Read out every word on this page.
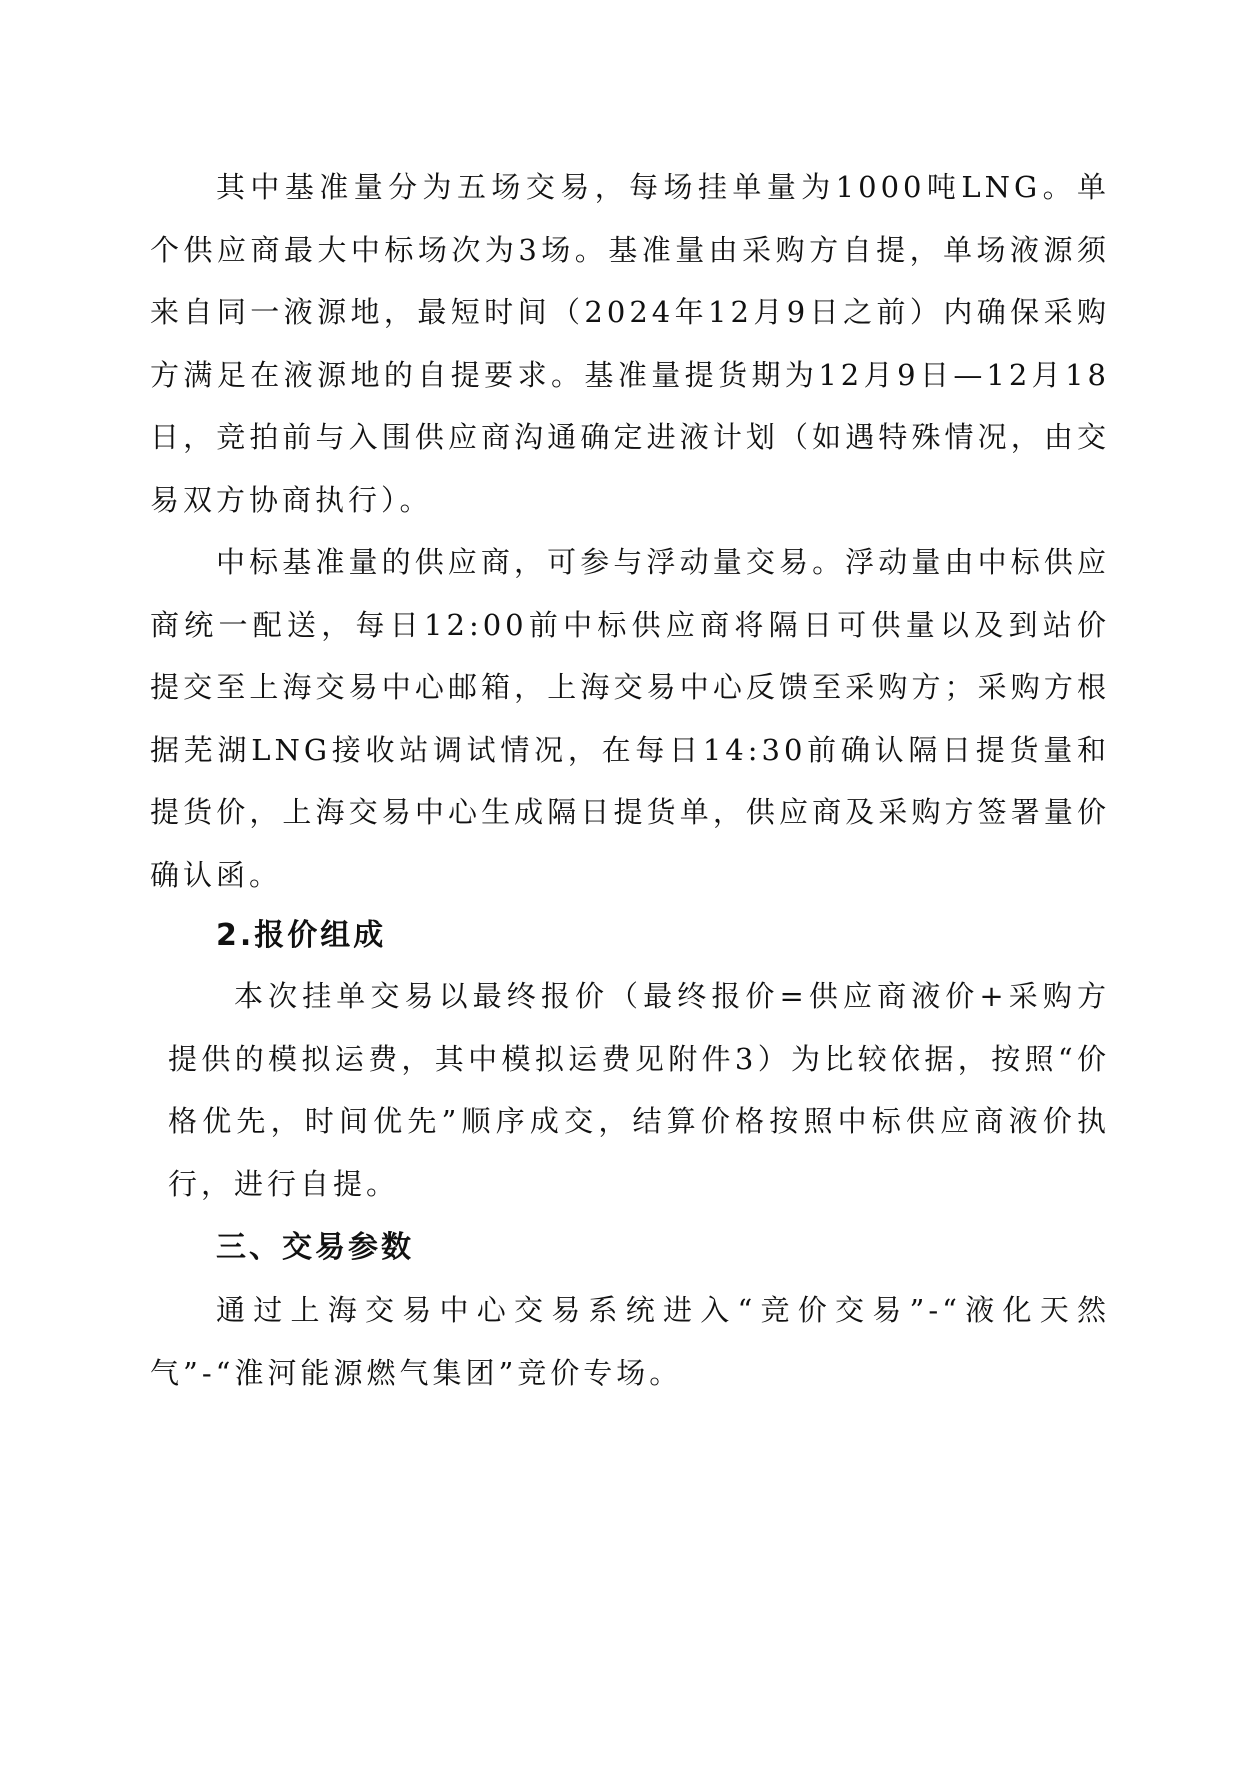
其中基准量分为五场交易，每场挂单量为1000吨LNG。单个供应商最大中标场次为3场。基准量由采购方自提，单场液源须来自同一液源地，最短时间（2024年12月9日之前）内确保采购方满足在液源地的自提要求。基准量提货期为12月9日—12月18日，竞拍前与入围供应商沟通确定进液计划（如遇特殊情况，由交易双方协商执行）。

中标基准量的供应商，可参与浮动量交易。浮动量由中标供应商统一配送，每日12:00前中标供应商将隔日可供量以及到站价提交至上海交易中心邮箱，上海交易中心反馈至采购方；采购方根据芜湖LNG接收站调试情况，在每日14:30前确认隔日提货量和提货价，上海交易中心生成隔日提货单，供应商及采购方签署量价确认函。

2.报价组成

本次挂单交易以最终报价（最终报价=供应商液价+采购方提供的模拟运费，其中模拟运费见附件3）为比较依据，按照“价格优先，时间优先”顺序成交，结算价格按照中标供应商液价执行，进行自提。

三、交易参数

通过上海交易中心交易系统进入“竞价交易”-“液化天然气”-“淮河能源燃气集团”竞价专场。
